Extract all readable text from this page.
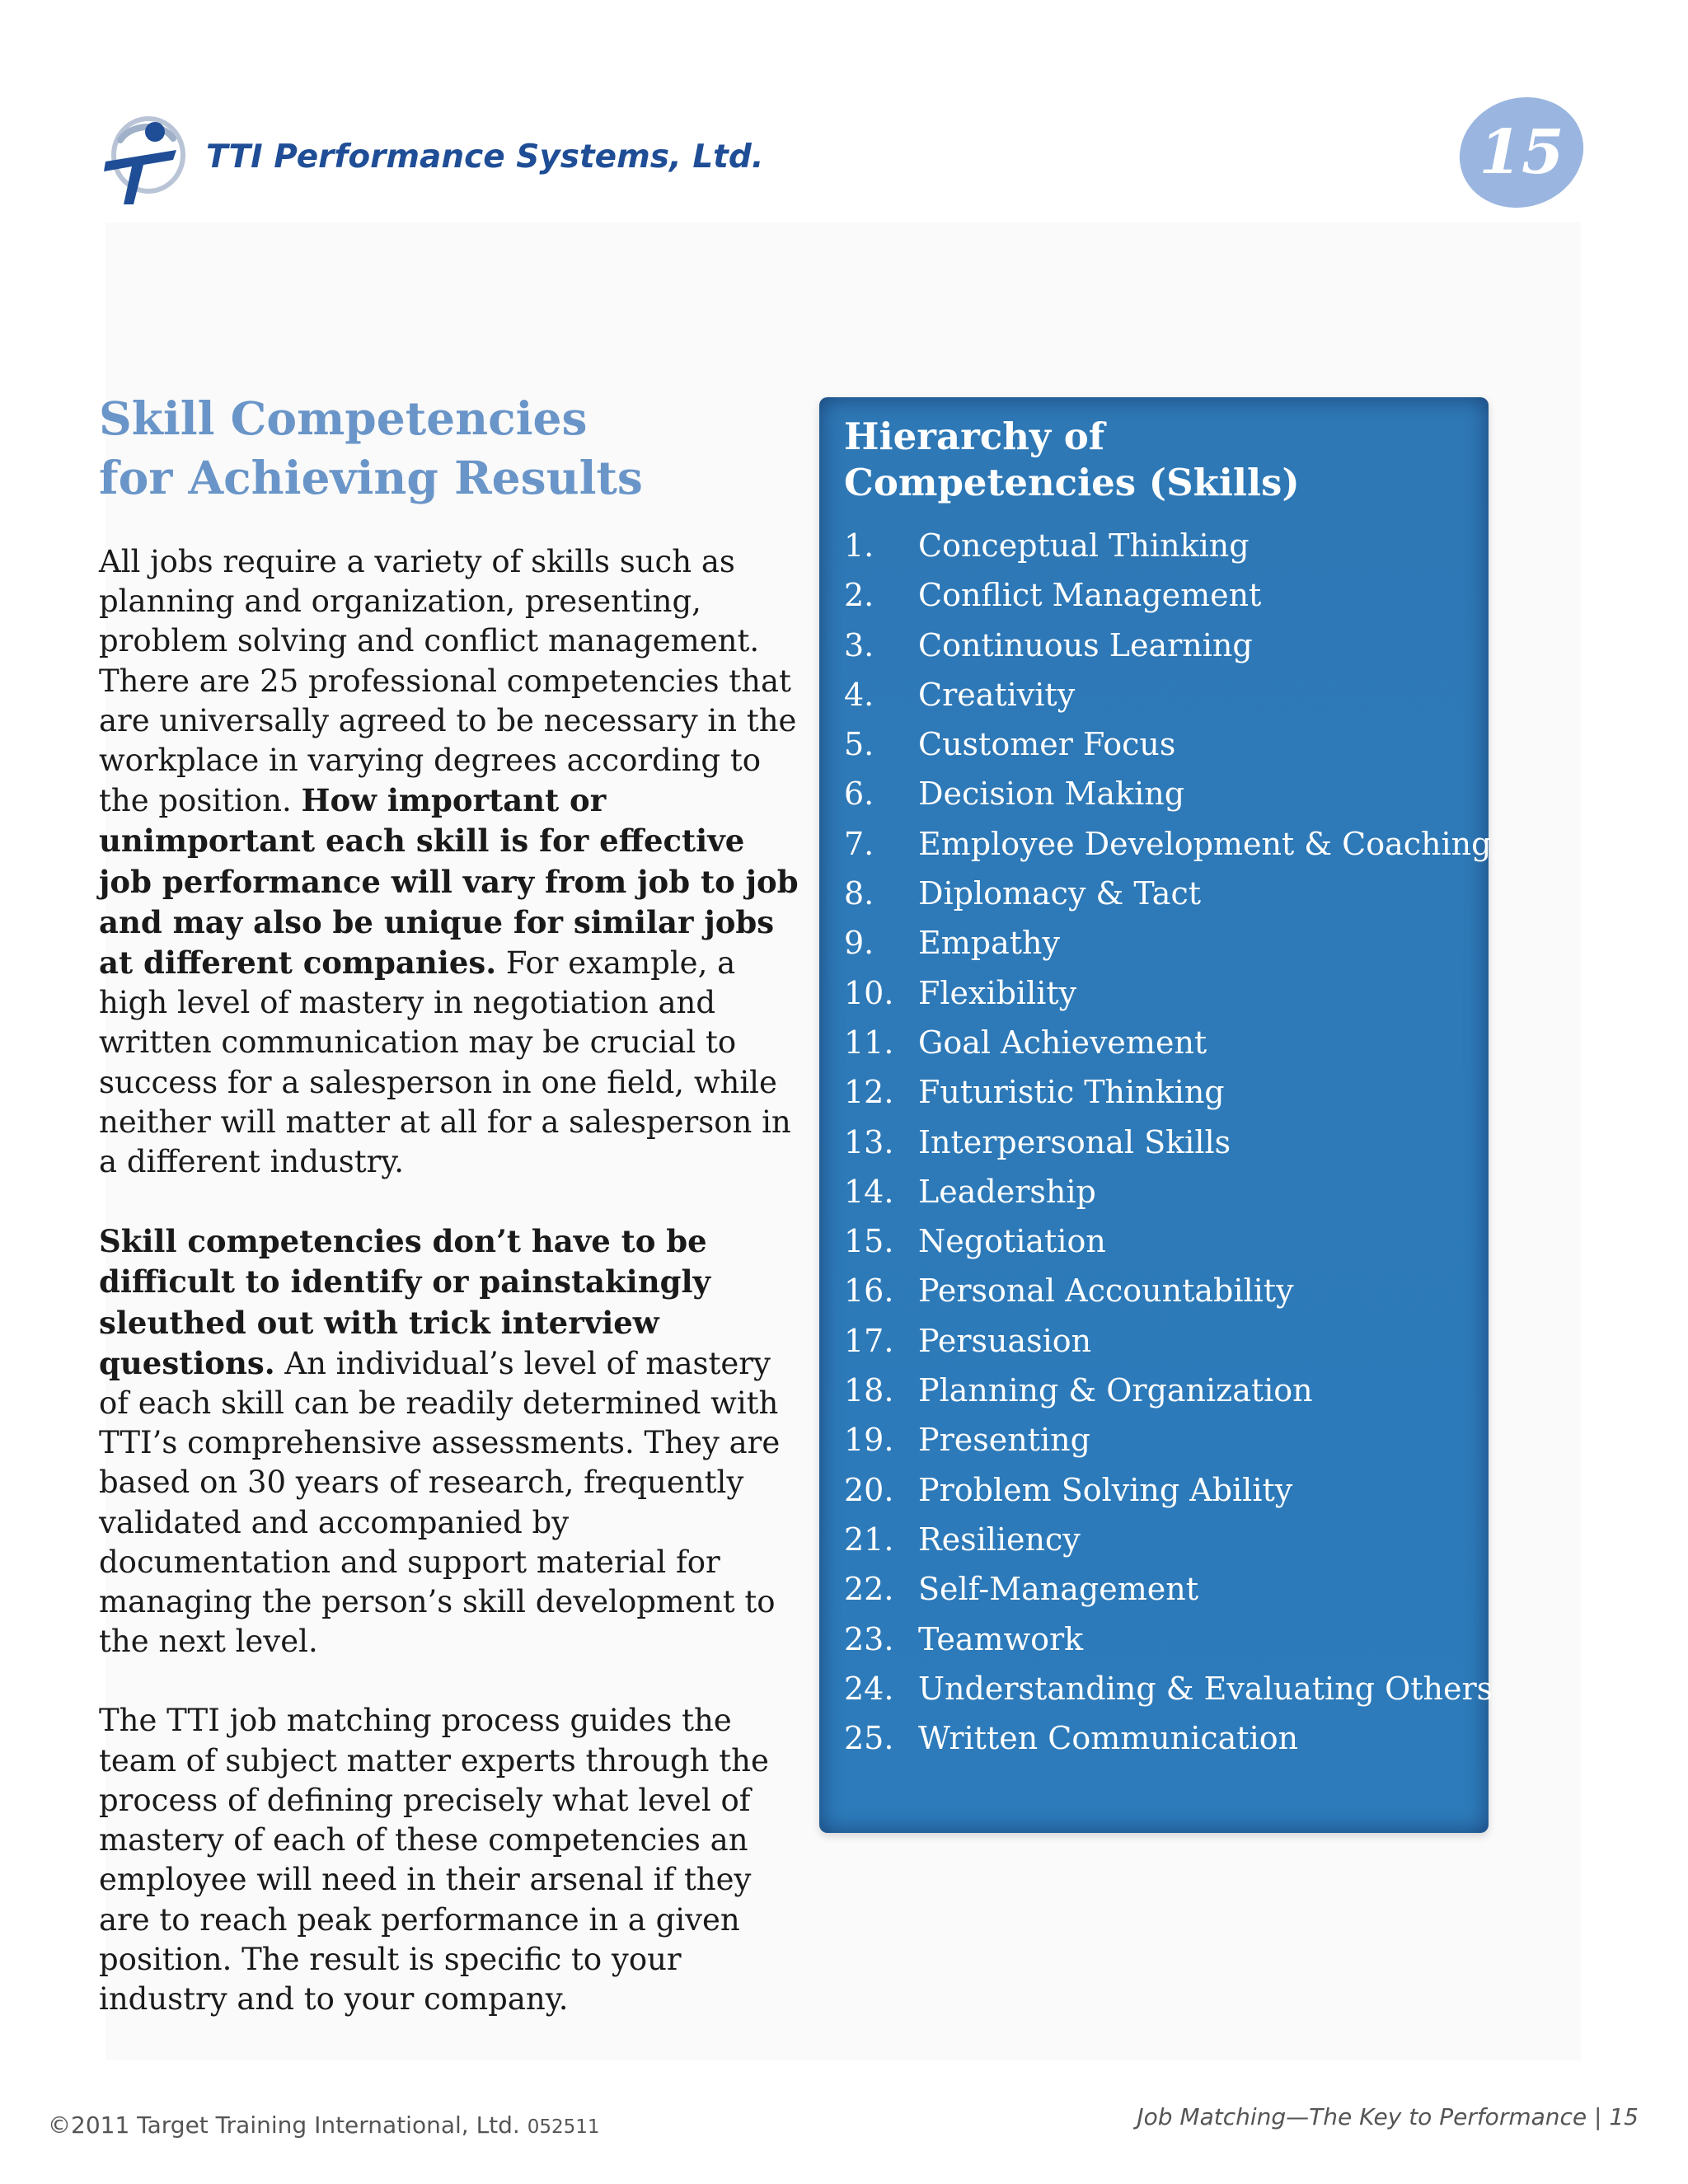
TTI Performance Systems, Ltd.	15
Skill Competencies
for Achieving Results

All jobs require a variety of skills such as planning and organization, presenting, problem solving and conflict management. There are 25 professional competencies that are universally agreed to be necessary in the workplace in varying degrees according to the position. How important or unimportant each skill is for effective job performance will vary from job to job and may also be unique for similar jobs at different companies. For example, a high level of mastery in negotiation and written communication may be crucial to success for a salesperson in one field, while neither will matter at all for a salesperson in a different industry.

Skill competencies don’t have to be difficult to identify or painstakingly sleuthed out with trick interview questions. An individual’s level of mastery of each skill can be readily determined with TTI’s comprehensive assessments. They are based on 30 years of research, frequently validated and accompanied by documentation and support material for managing the person’s skill development to the next level.

The TTI job matching process guides the team of subject matter experts through the process of defining precisely what level of mastery of each of these competencies an employee will need in their arsenal if they are to reach peak performance in a given position. The result is specific to your industry and to your company.

Hierarchy of
Competencies (Skills)
1. Conceptual Thinking
2. Conflict Management
3. Continuous Learning
4. Creativity
5. Customer Focus
6. Decision Making
7. Employee Development & Coaching
8. Diplomacy & Tact
9. Empathy
10. Flexibility
11. Goal Achievement
12. Futuristic Thinking
13. Interpersonal Skills
14. Leadership
15. Negotiation
16. Personal Accountability
17. Persuasion
18. Planning & Organization
19. Presenting
20. Problem Solving Ability
21. Resiliency
22. Self-Management
23. Teamwork
24. Understanding & Evaluating Others
25. Written Communication
©2011 Target Training International, Ltd. 052511	Job Matching—The Key to Performance | 15
